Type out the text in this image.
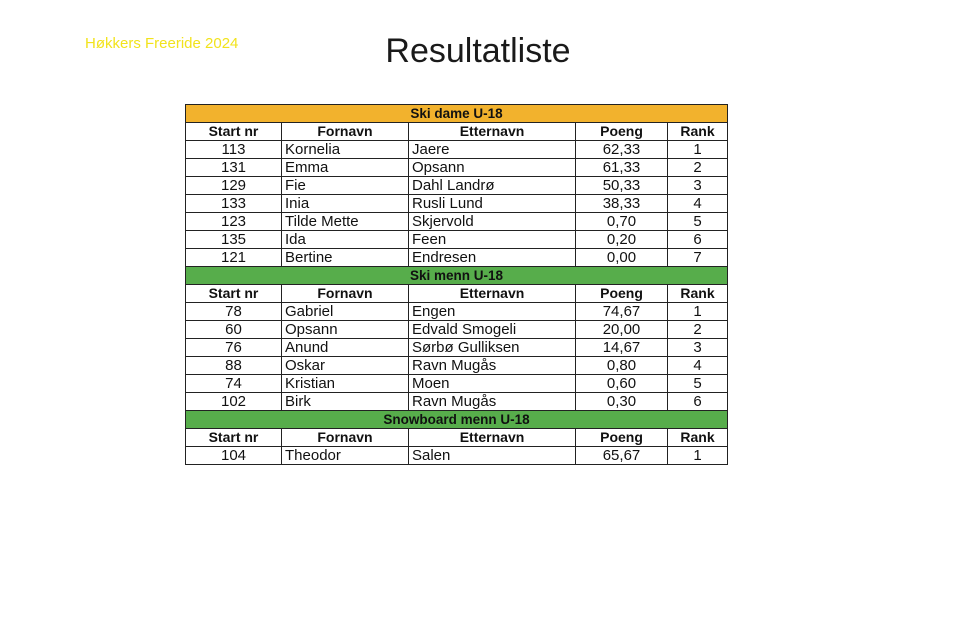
Høkkers Freeride 2024	Resultatliste
Ski dame U-18				
Start nr	Fornavn	Etternavn	Poeng	Rank
113	Kornelia	Jaere	62,33	1
131	Emma	Opsann	61,33	2
129	Fie	Dahl Landrø	50,33	3
133	Inia	Rusli Lund	38,33	4
123	Tilde Mette	Skjervold	0,70	5
135	Ida	Feen	0,20	6
121	Bertine	Endresen	0,00	7
Ski menn U-18				
Start nr	Fornavn	Etternavn	Poeng	Rank
78	Gabriel	Engen	74,67	1
60	Opsann	Edvald Smogeli	20,00	2
76	Anund	Sørbø Gulliksen	14,67	3
88	Oskar	Ravn Mugås	0,80	4
74	Kristian	Moen	0,60	5
102	Birk	Ravn Mugås	0,30	6
Snowboard menn U-18				
Start nr	Fornavn	Etternavn	Poeng	Rank
104	Theodor	Salen	65,67	1
